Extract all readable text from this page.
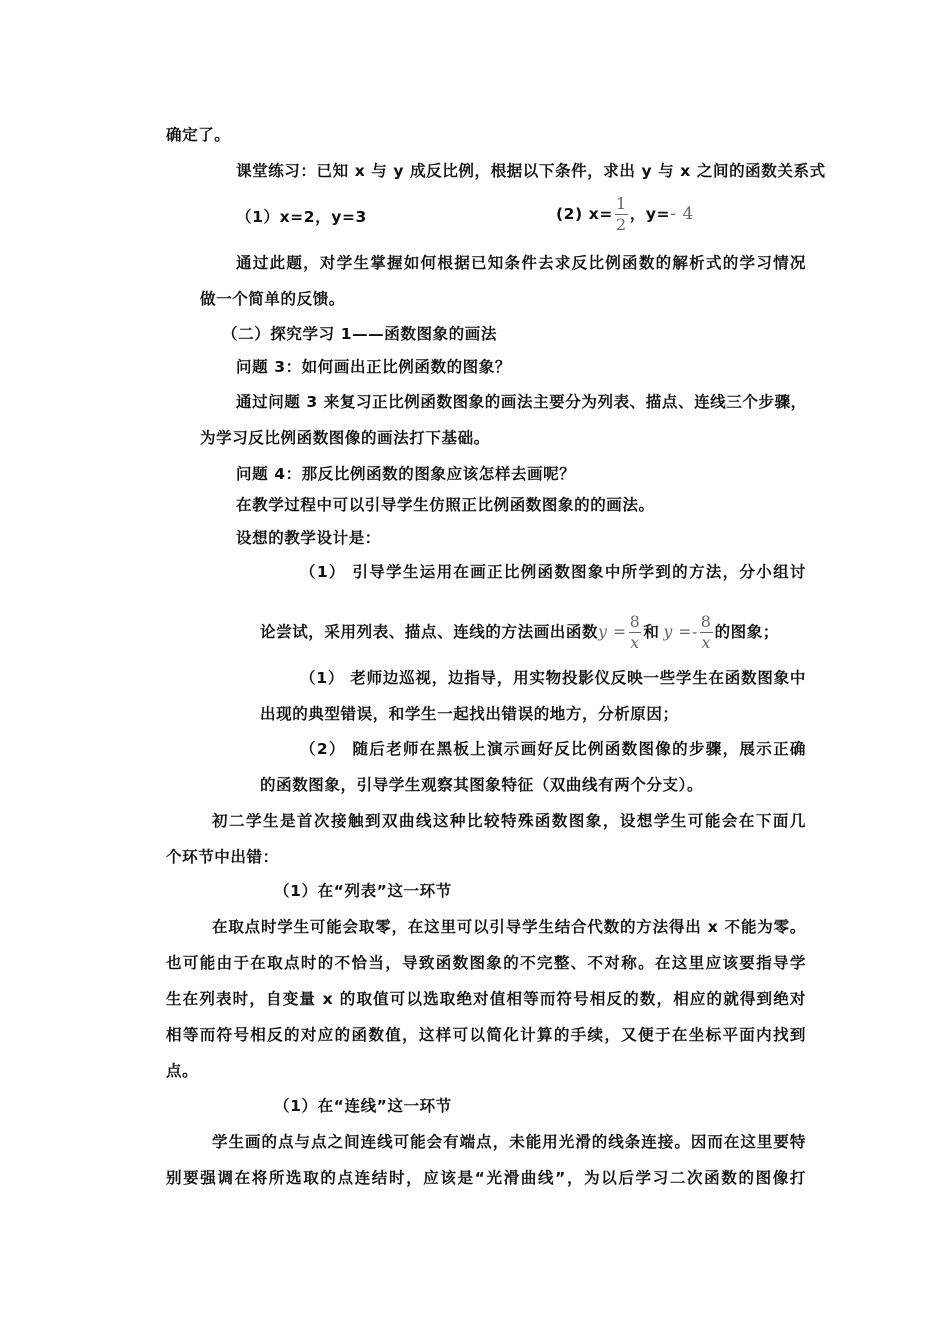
确定了。
课堂练习：已知 x 与 y 成反比例，根据以下条件，求出 y 与 x 之间的函数关系式
（1）x=2，y=3	(2) $x= \frac{1}{2}$ ，y=- 4
通过此题，对学生掌握如何根据已知条件去求反比例函数的解析式的学习情况
做一个简单的反馈。
（二）探究学习 1——函数图象的画法
问题 3：如何画出正比例函数的图象？
通过问题 3 来复习正比例函数图象的画法主要分为列表、描点、连线三个步骤，
为学习反比例函数图像的画法打下基础。
问题 4：那反比例函数的图象应该怎样去画呢？
在教学过程中可以引导学生仿照正比例函数图象的的画法。
设想的教学设计是：
（1） 引导学生运用在画正比例函数图象中所学到的方法，分小组讨
论尝试，采用列表、描点、连线的方法画出函数$y = \frac{8}{x}$ 和 $y =- \frac{8}{x}$ 的图象；
（1） 老师边巡视，边指导，用实物投影仪反映一些学生在函数图象中
出现的典型错误，和学生一起找出错误的地方，分析原因；
（2） 随后老师在黑板上演示画好反比例函数图像的步骤，展示正确
的函数图象，引导学生观察其图象特征（双曲线有两个分支）。
初二学生是首次接触到双曲线这种比较特殊函数图象，设想学生可能会在下面几
个环节中出错：
（1）在“列表”这一环节
在取点时学生可能会取零，在这里可以引导学生结合代数的方法得出 x 不能为零。
也可能由于在取点时的不恰当，导致函数图象的不完整、不对称。在这里应该要指导学
生在列表时，自变量 x 的取值可以选取绝对值相等而符号相反的数，相应的就得到绝对
相等而符号相反的对应的函数值，这样可以简化计算的手续，又便于在坐标平面内找到
点。
（1）在“连线”这一环节
学生画的点与点之间连线可能会有端点，未能用光滑的线条连接。因而在这里要特
别要强调在将所选取的点连结时，应该是“光滑曲线”，为以后学习二次函数的图像打
